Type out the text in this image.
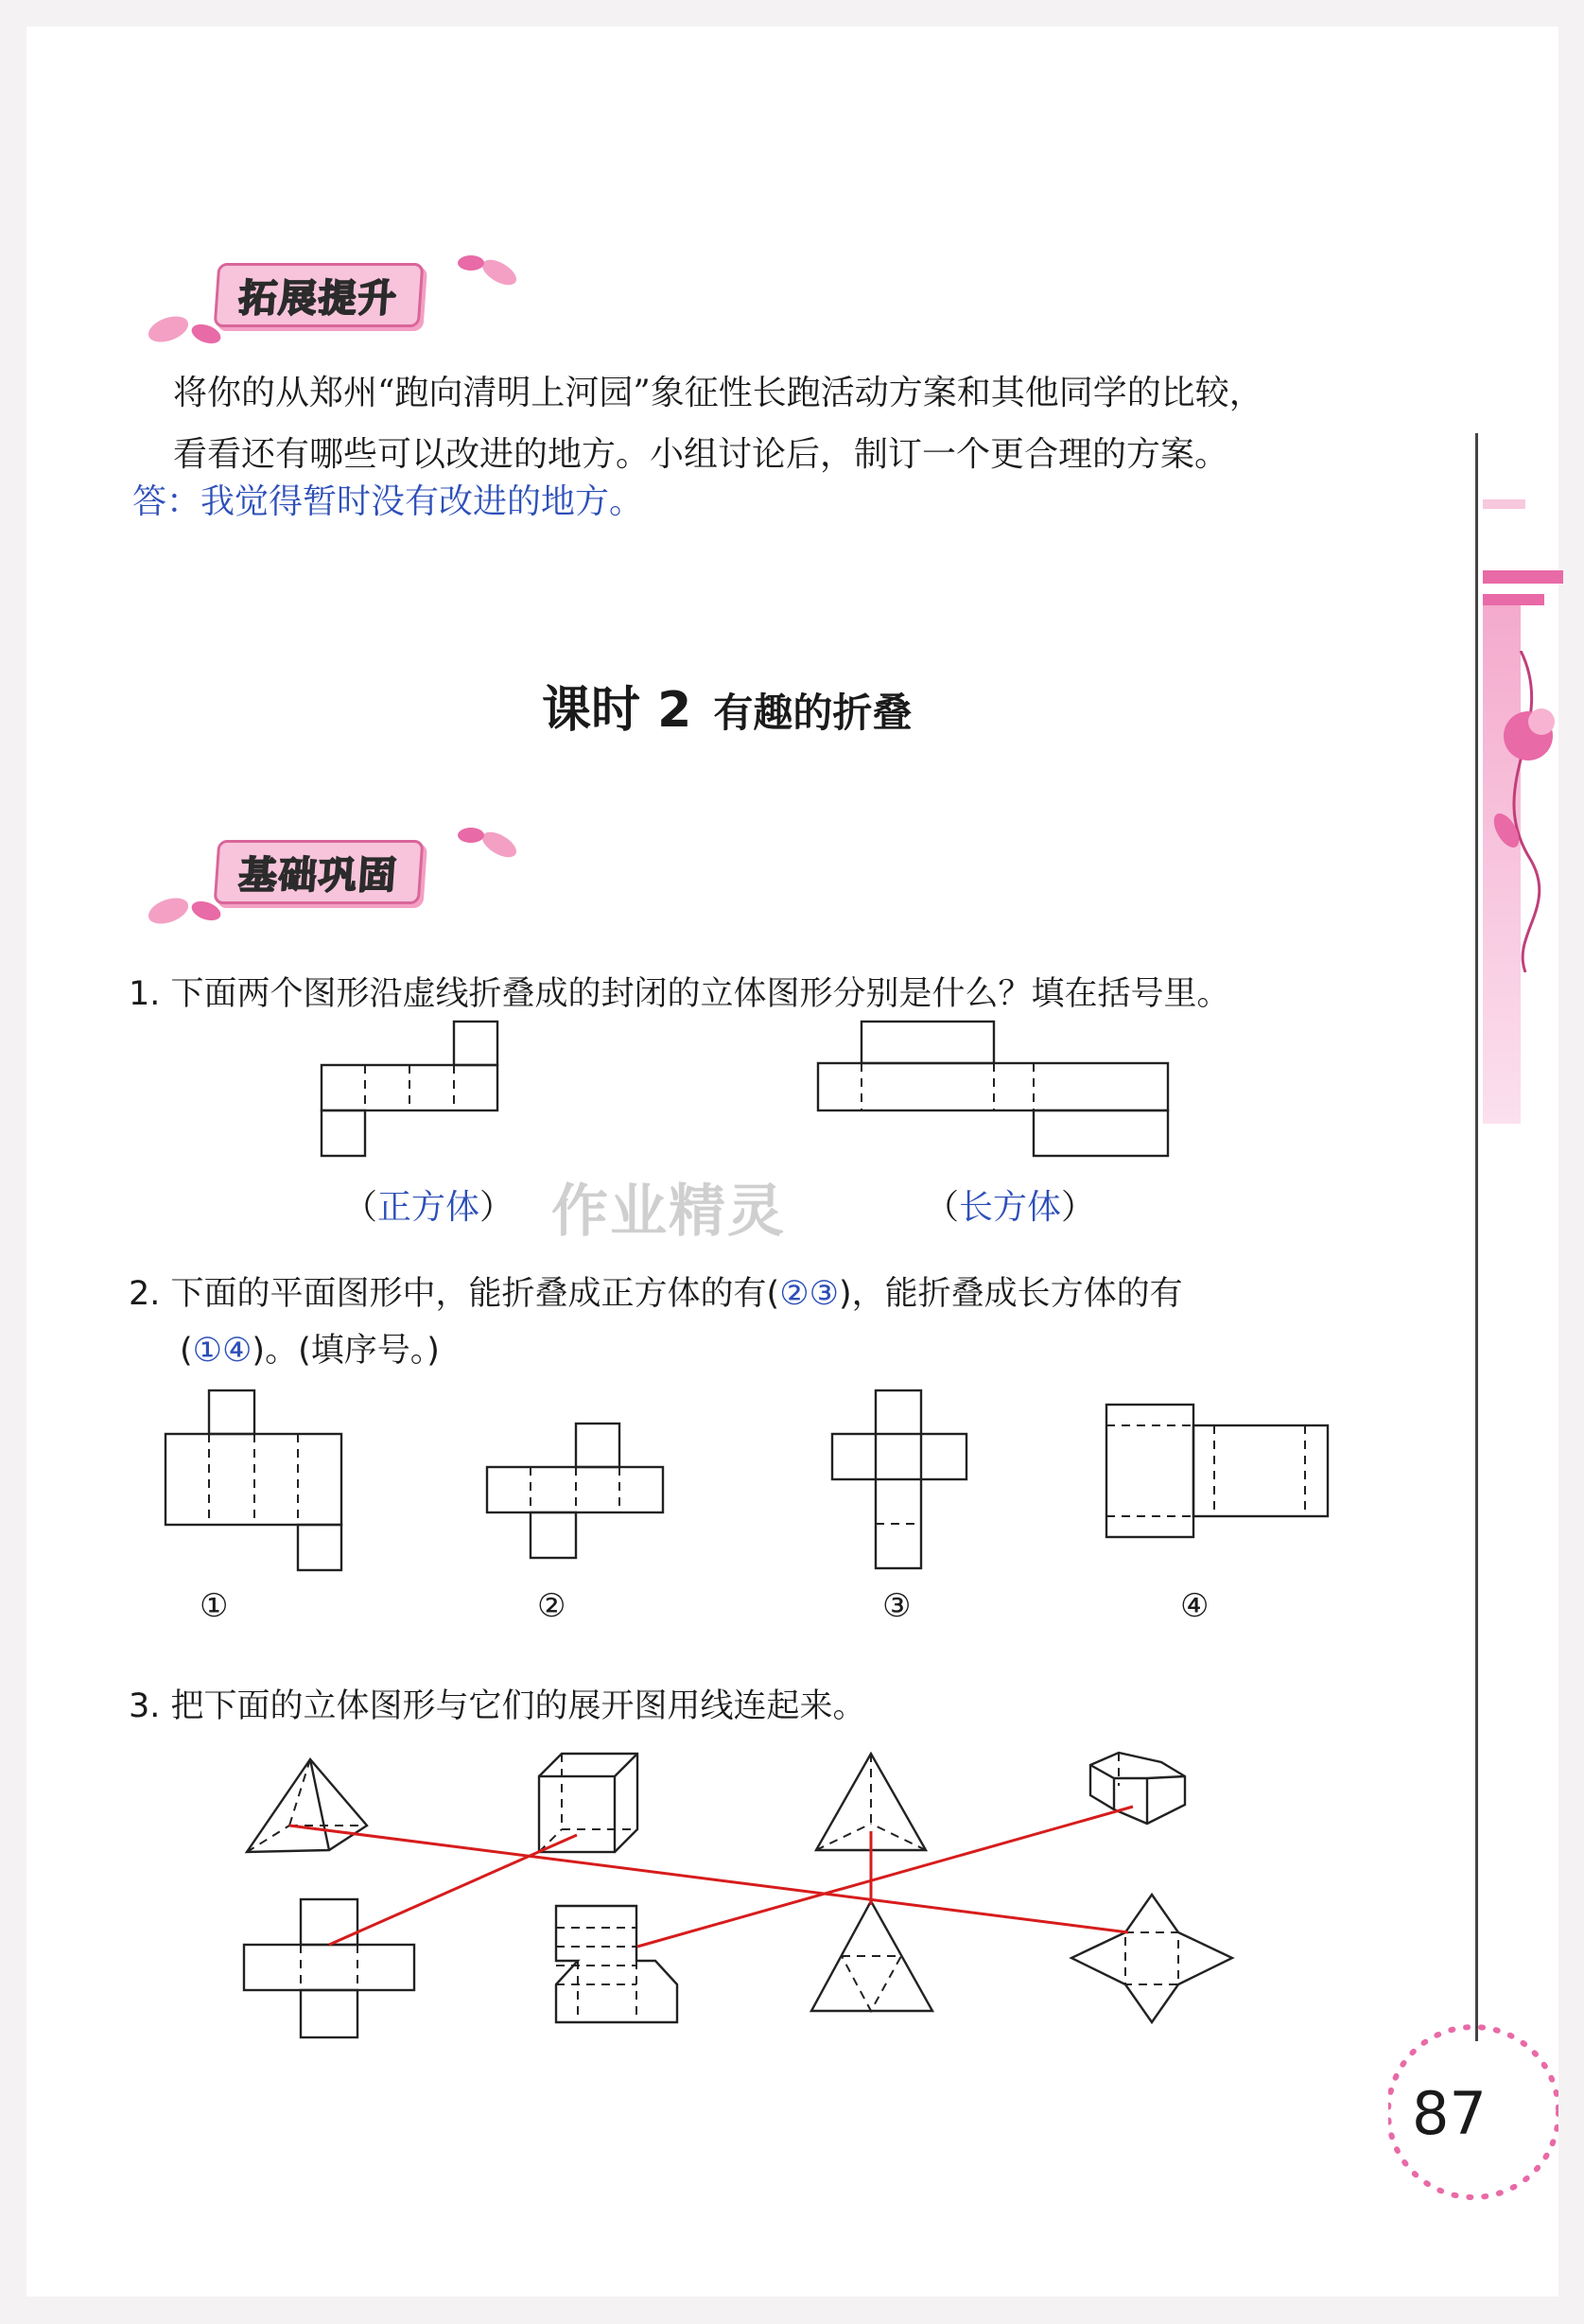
87
拓展提升
将你的从郑州“跑向清明上河园”象征性长跑活动方案和其他同学的比较，
看看还有哪些可以改进的地方。小组讨论后，制订一个更合理的方案。
答：我觉得暂时没有改进的地方。
课时 2 有趣的折叠
基础巩固
1. 下面两个图形沿虚线折叠成的封闭的立体图形分别是什么？填在括号里。
（正方体）	（长方体）
作业精灵
2. 下面的平面图形中，能折叠成正方体的有(②③)，能折叠成长方体的有
(①④)。(填序号。)
①	②	③	④
3. 把下面的立体图形与它们的展开图用线连起来。
